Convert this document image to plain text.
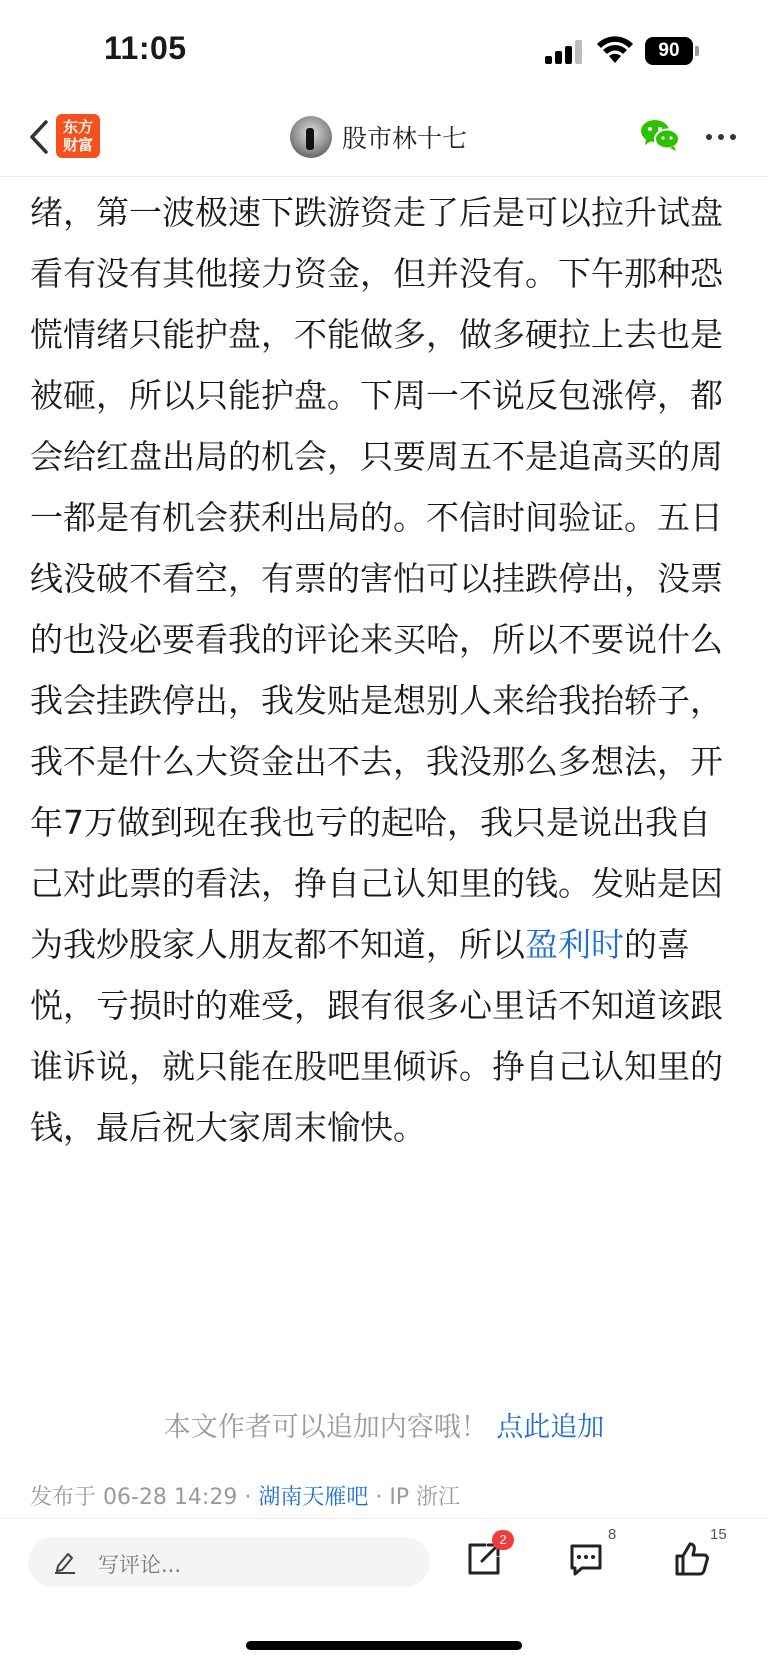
11:05	90
东方
财富	股市林十七

绪，第一波极速下跌游资走了后是可以拉升试盘看有没有其他接力资金，但并没有。下午那种恐慌情绪只能护盘，不能做多，做多硬拉上去也是被砸，所以只能护盘。下周一不说反包涨停，都会给红盘出局的机会，只要周五不是追高买的周一都是有机会获利出局的。不信时间验证。五日线没破不看空，有票的害怕可以挂跌停出，没票的也没必要看我的评论来买哈，所以不要说什么我会挂跌停出，我发贴是想别人来给我抬轿子，我不是什么大资金出不去，我没那么多想法，开年7万做到现在我也亏的起哈，我只是说出我自己对此票的看法，挣自己认知里的钱。发贴是因为我炒股家人朋友都不知道，所以盈利时的喜悦，亏损时的难受，跟有很多心里话不知道该跟谁诉说，就只能在股吧里倾诉。挣自己认知里的钱，最后祝大家周末愉快。

本文作者可以追加内容哦！ 点此追加
发布于 06-28 14:29 · 湖南天雁吧 · IP 浙江
写评论...
2	8	15
